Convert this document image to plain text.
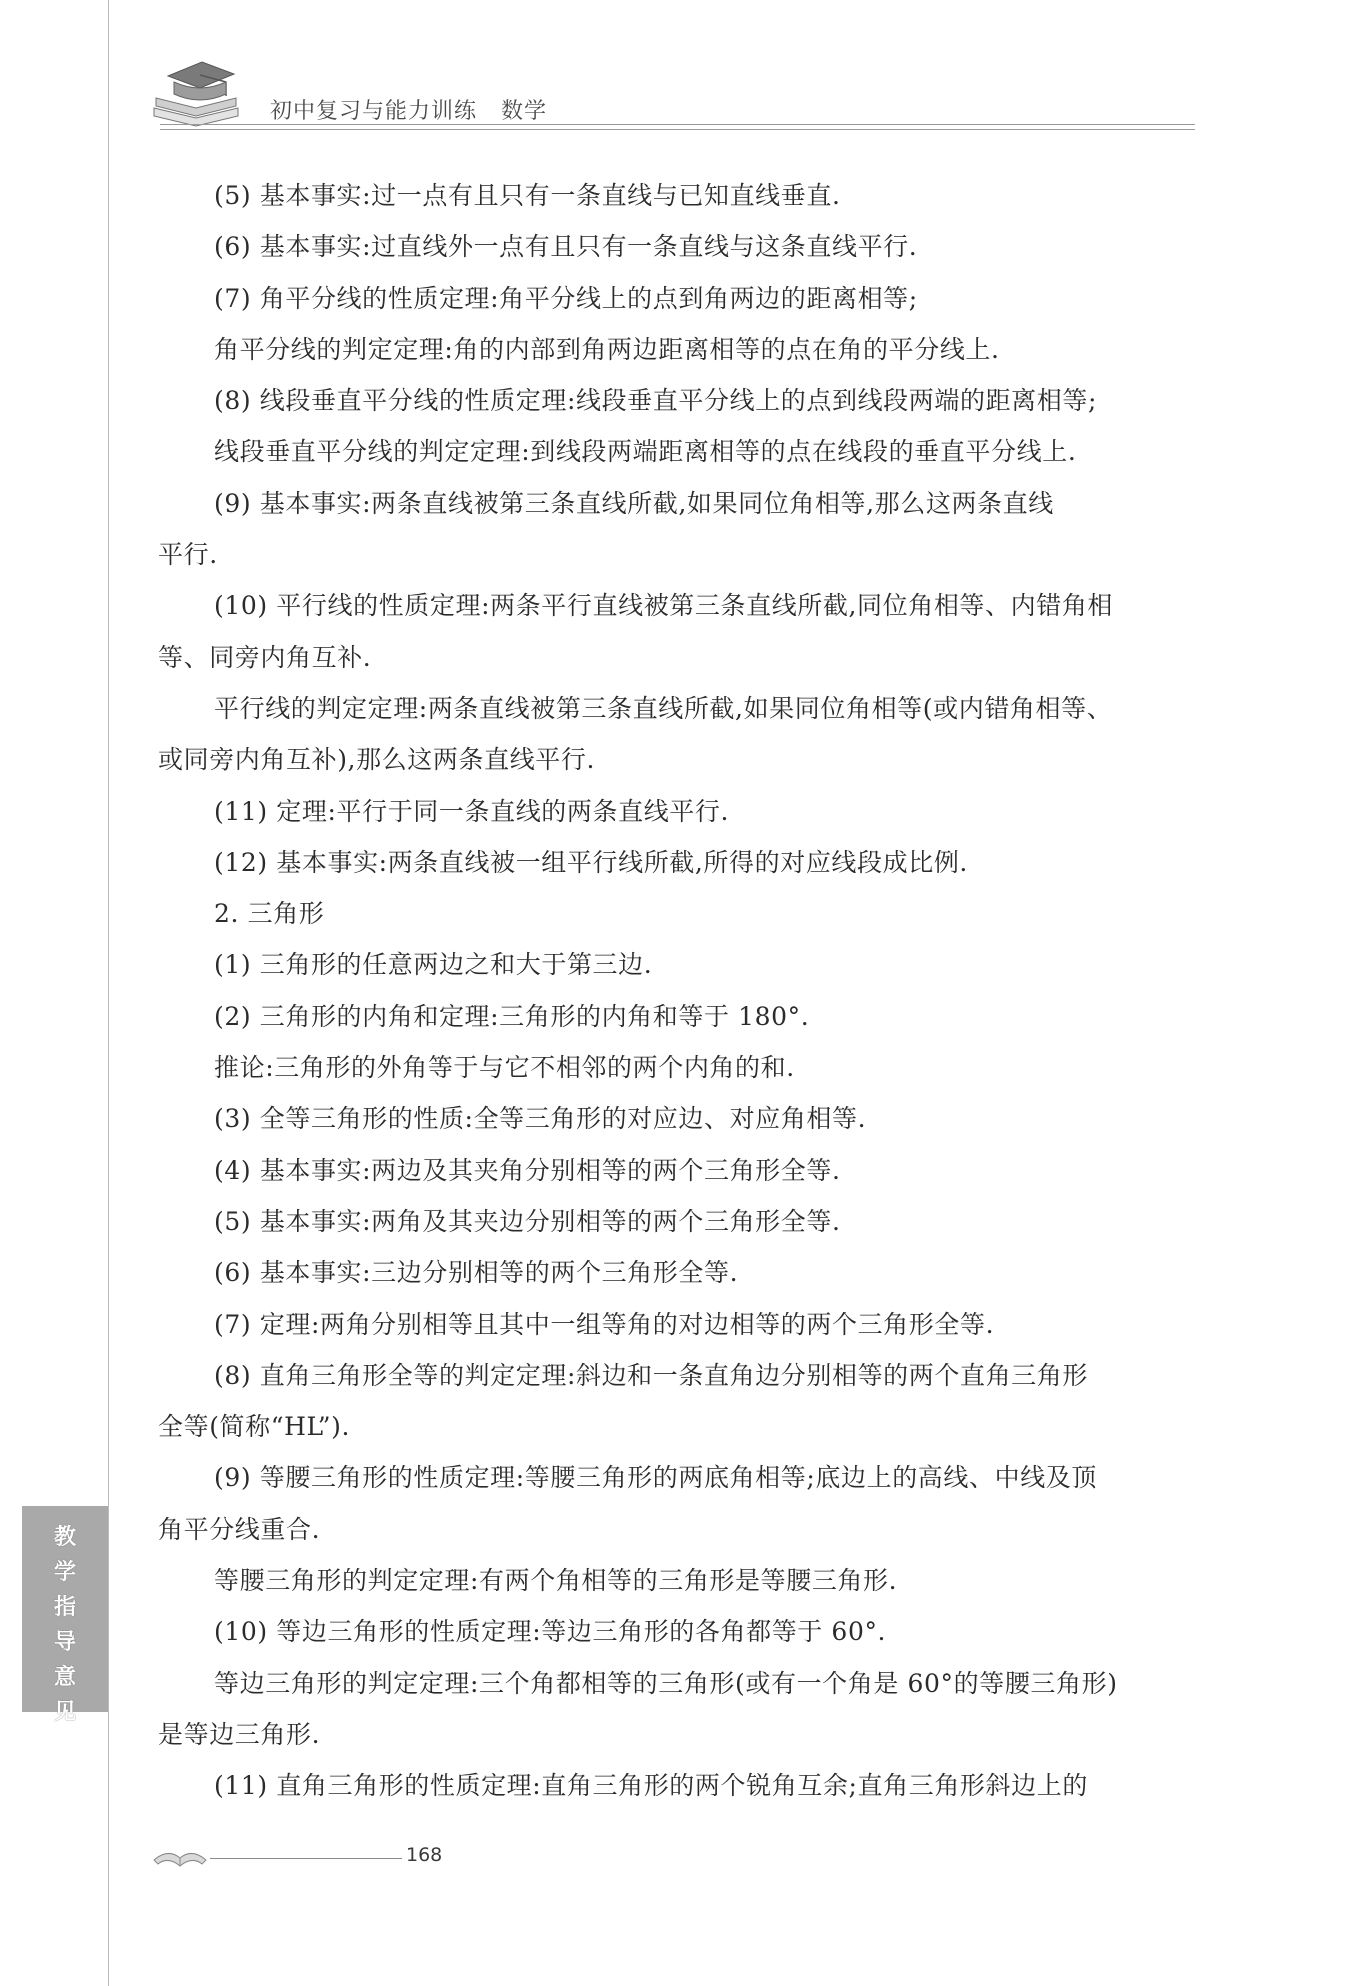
初中复习与能力训练   数学
(5) 基本事实:过一点有且只有一条直线与已知直线垂直.
(6) 基本事实:过直线外一点有且只有一条直线与这条直线平行.
(7) 角平分线的性质定理:角平分线上的点到角两边的距离相等;
角平分线的判定定理:角的内部到角两边距离相等的点在角的平分线上.
(8) 线段垂直平分线的性质定理:线段垂直平分线上的点到线段两端的距离相等;
线段垂直平分线的判定定理:到线段两端距离相等的点在线段的垂直平分线上.
(9) 基本事实:两条直线被第三条直线所截,如果同位角相等,那么这两条直线
平行.
(10) 平行线的性质定理:两条平行直线被第三条直线所截,同位角相等、内错角相
等、同旁内角互补.
平行线的判定定理:两条直线被第三条直线所截,如果同位角相等(或内错角相等、
或同旁内角互补),那么这两条直线平行.
(11) 定理:平行于同一条直线的两条直线平行.
(12) 基本事实:两条直线被一组平行线所截,所得的对应线段成比例.
2. 三角形
(1) 三角形的任意两边之和大于第三边.
(2) 三角形的内角和定理:三角形的内角和等于 180°.
推论:三角形的外角等于与它不相邻的两个内角的和.
(3) 全等三角形的性质:全等三角形的对应边、对应角相等.
(4) 基本事实:两边及其夹角分别相等的两个三角形全等.
(5) 基本事实:两角及其夹边分别相等的两个三角形全等.
(6) 基本事实:三边分别相等的两个三角形全等.
(7) 定理:两角分别相等且其中一组等角的对边相等的两个三角形全等.
(8) 直角三角形全等的判定定理:斜边和一条直角边分别相等的两个直角三角形
全等(简称“HL”).
(9) 等腰三角形的性质定理:等腰三角形的两底角相等;底边上的高线、中线及顶
角平分线重合.
等腰三角形的判定定理:有两个角相等的三角形是等腰三角形.
(10) 等边三角形的性质定理:等边三角形的各角都等于 60°.
等边三角形的判定定理:三个角都相等的三角形(或有一个角是 60°的等腰三角形)
是等边三角形.
(11) 直角三角形的性质定理:直角三角形的两个锐角互余;直角三角形斜边上的
教学指导意见
168
